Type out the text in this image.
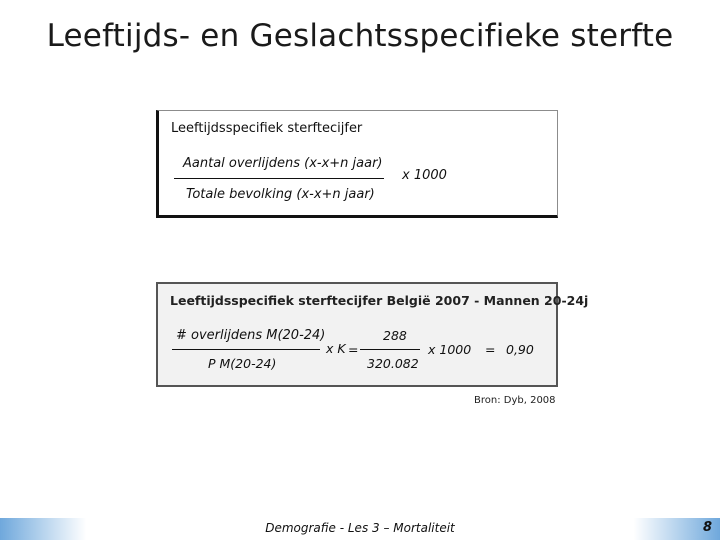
Leeftijds- en Geslachtsspecifieke sterfte
Leeftijdsspecifiek sterftecijfer
Aantal overlijdens (x-x+n jaar)
Totale bevolking (x-x+n jaar)
x 1000
Leeftijdsspecifiek sterftecijfer België 2007 - Mannen 20-24j
# overlijdens M(20-24)
P M(20-24)
x K =
288
320.082
x 1000 = 0,90
Bron: Dyb, 2008
Demografie - Les 3 – Mortaliteit	8
